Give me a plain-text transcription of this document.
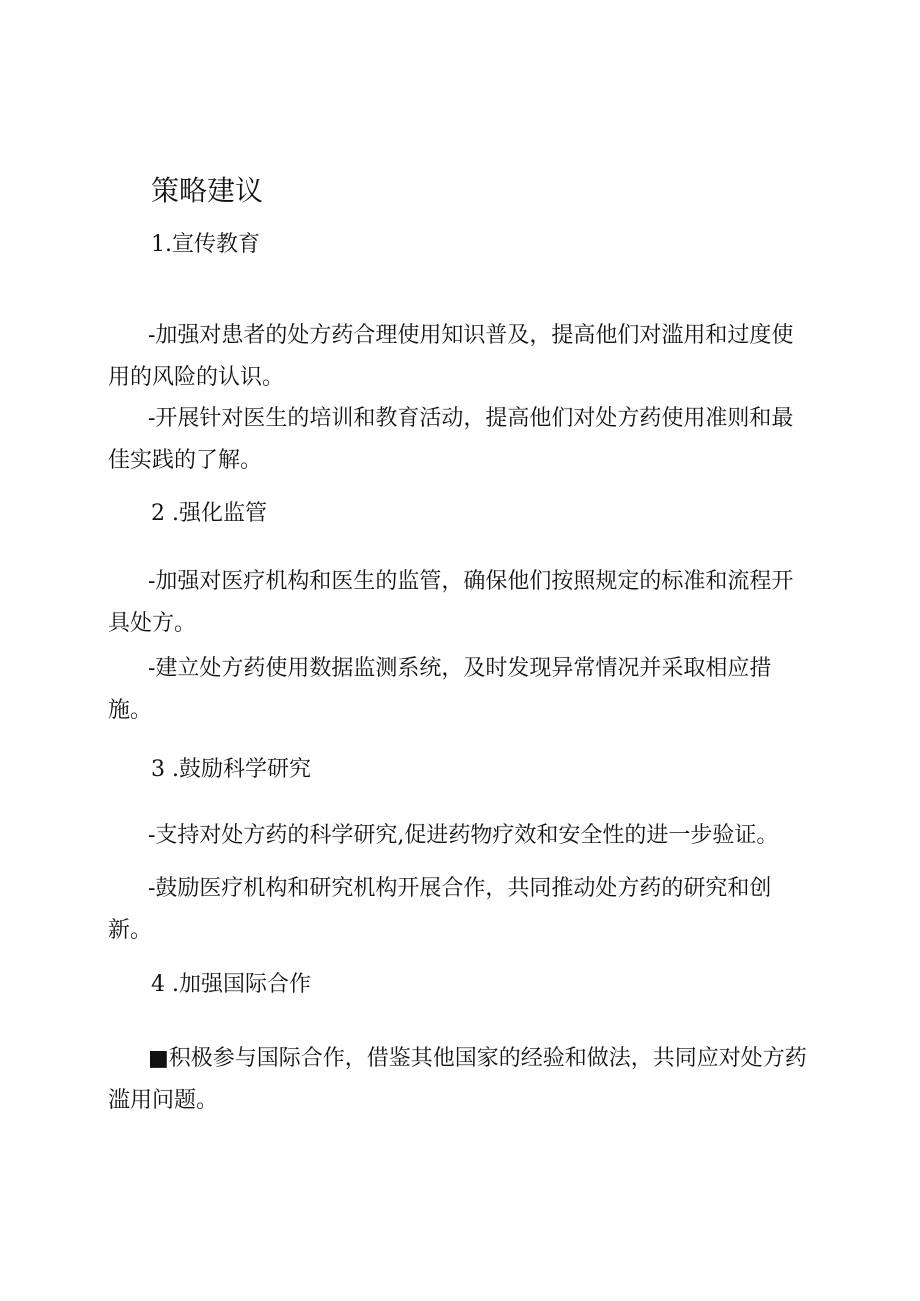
策略建议
1.宣传教育

-加强对患者的处方药合理使用知识普及，提高他们对滥用和过度使用的风险的认识。

-开展针对医生的培训和教育活动，提高他们对处方药使用准则和最佳实践的了解。

2 .强化监管

-加强对医疗机构和医生的监管，确保他们按照规定的标准和流程开具处方。

-建立处方药使用数据监测系统，及时发现异常情况并采取相应措施。

3 .鼓励科学研究

-支持对处方药的科学研究,促进药物疗效和安全性的进一步验证。

-鼓励医疗机构和研究机构开展合作，共同推动处方药的研究和创新。

4 .加强国际合作

■积极参与国际合作，借鉴其他国家的经验和做法，共同应对处方药滥用问题。
